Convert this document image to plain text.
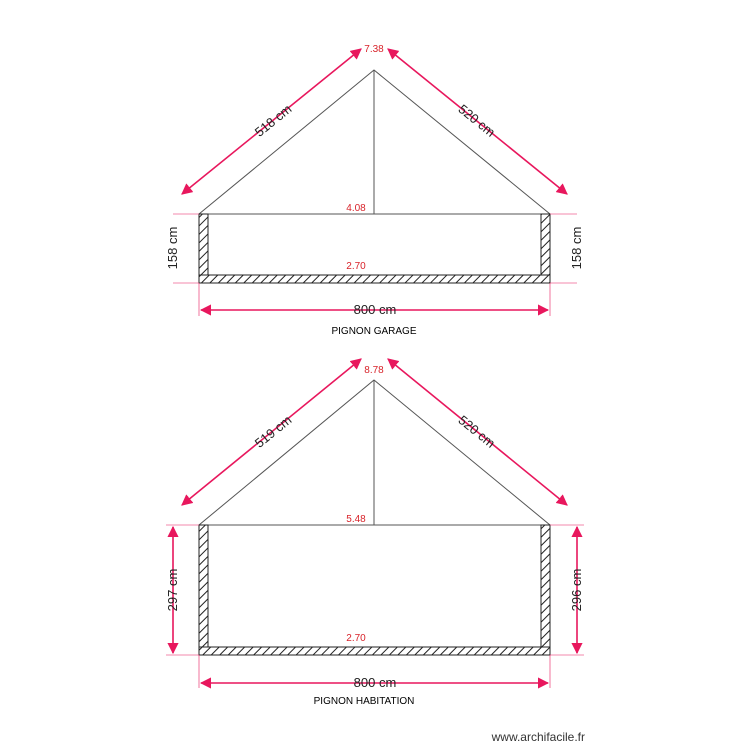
518 cm	520 cm
158 cm	158 cm
800 cm
7.38
4.08
2.70
PIGNON GARAGE
519 cm	520 cm
297 cm	296 cm
800 cm
8.78
5.48
2.70
PIGNON HABITATION
www.archifacile.fr
